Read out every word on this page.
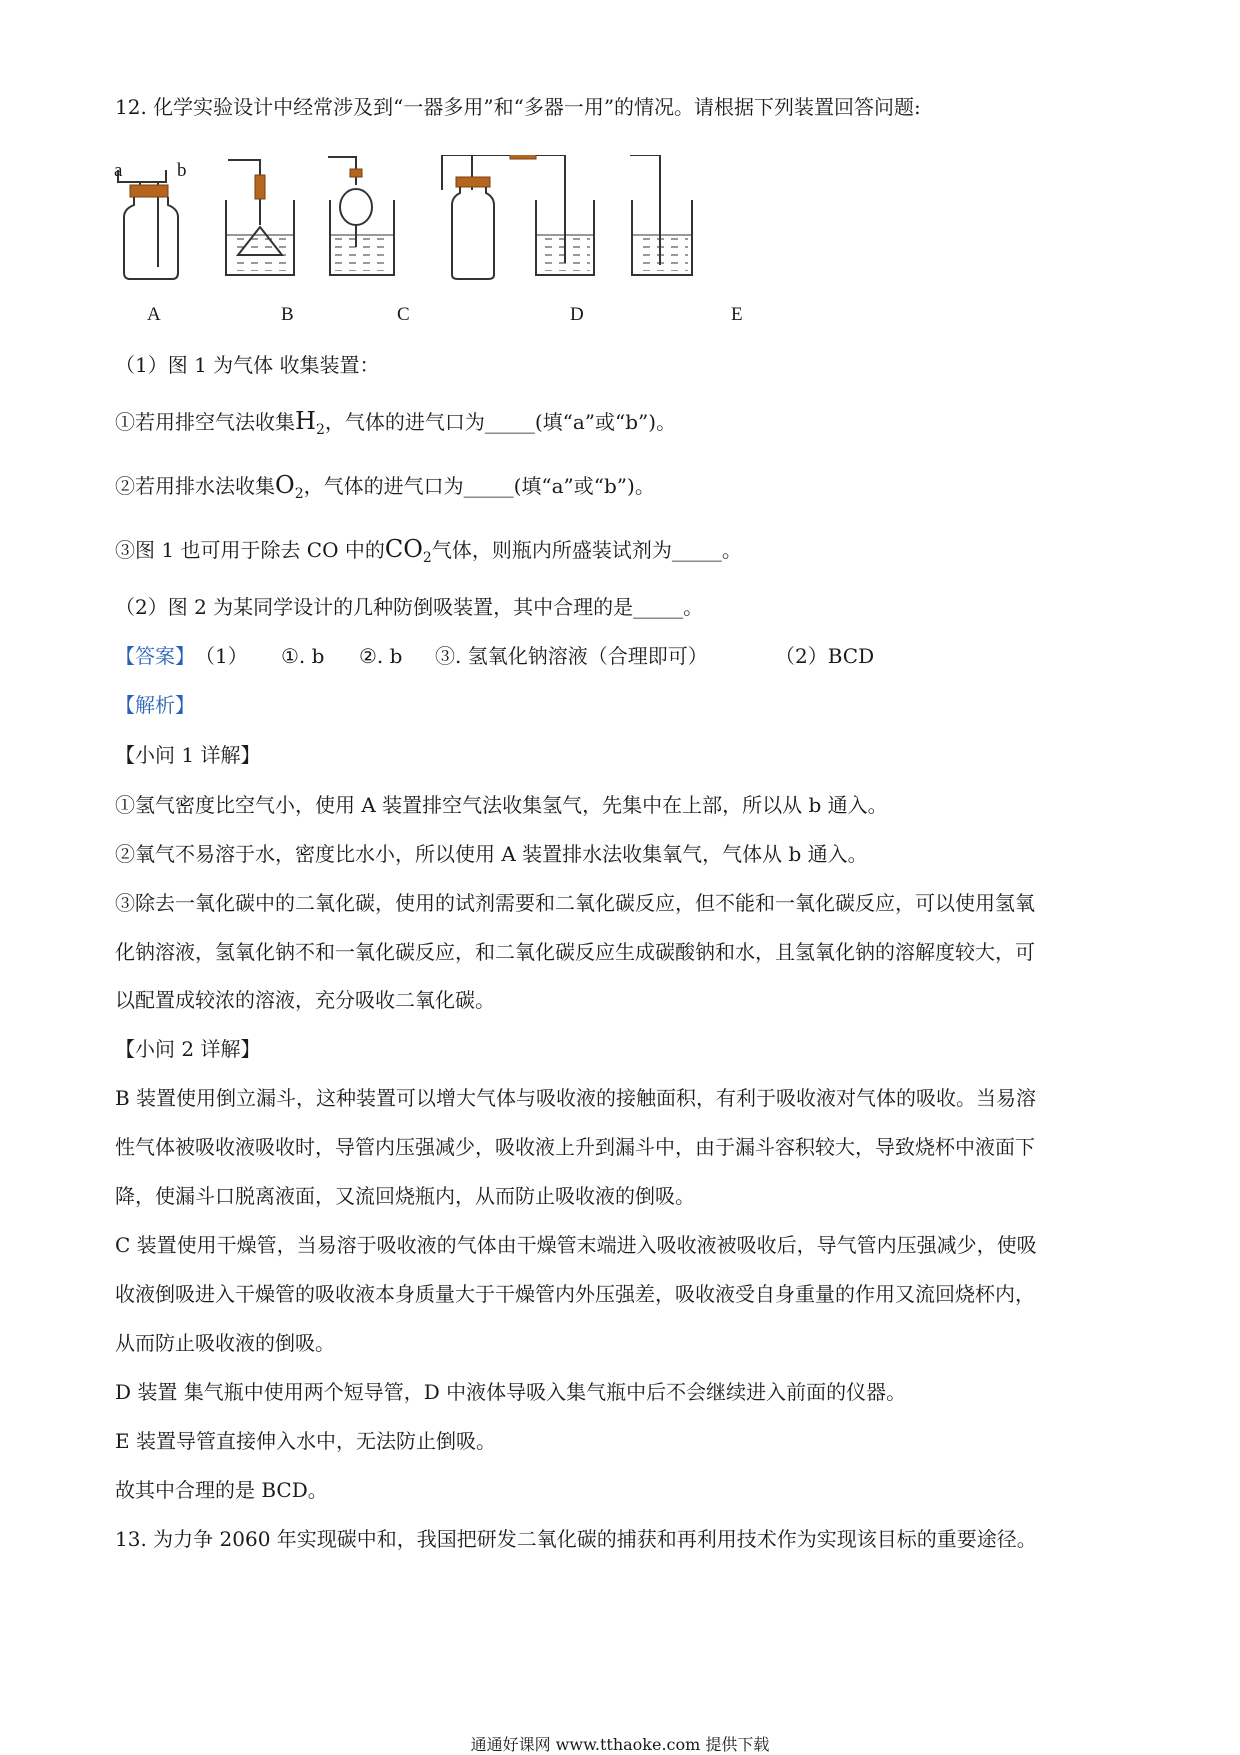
12. 化学实验设计中经常涉及到“一器多用”和“多器一用”的情况。请根据下列装置回答问题:
a	b
A	B	C	D	E
（1）图 1 为气体 收集装置：
①若用排空气法收集$H_2$，气体的进气口为_____(填“a”或“b”)。
②若用排水法收集$O_2$，气体的进气口为_____(填“a”或“b”)。
③图 1 也可用于除去 CO 中的$CO_2$气体，则瓶内所盛装试剂为_____。
（2）图 2 为某同学设计的几种防倒吸装置，其中合理的是_____。
【答案】（1） ①. b ②. b ③. 氢氧化钠溶液（合理即可）	（2）BCD
【解析】
【小问 1 详解】
①氢气密度比空气小，使用 A 装置排空气法收集氢气，先集中在上部，所以从 b 通入。
②氧气不易溶于水，密度比水小，所以使用 A 装置排水法收集氧气，气体从 b 通入。
③除去一氧化碳中的二氧化碳，使用的试剂需要和二氧化碳反应，但不能和一氧化碳反应，可以使用氢氧
化钠溶液，氢氧化钠不和一氧化碳反应，和二氧化碳反应生成碳酸钠和水，且氢氧化钠的溶解度较大，可
以配置成较浓的溶液，充分吸收二氧化碳。
【小问 2 详解】
B 装置使用倒立漏斗，这种装置可以增大气体与吸收液的接触面积，有利于吸收液对气体的吸收。当易溶
性气体被吸收液吸收时，导管内压强减少，吸收液上升到漏斗中，由于漏斗容积较大，导致烧杯中液面下
降，使漏斗口脱离液面，又流回烧瓶内，从而防止吸收液的倒吸。
C 装置使用干燥管，当易溶于吸收液的气体由干燥管末端进入吸收液被吸收后，导气管内压强减少，使吸
收液倒吸进入干燥管的吸收液本身质量大于干燥管内外压强差，吸收液受自身重量的作用又流回烧杯内，
从而防止吸收液的倒吸。
D 装置 集气瓶中使用两个短导管，D 中液体导吸入集气瓶中后不会继续进入前面的仪器。
E 装置导管直接伸入水中，无法防止倒吸。
故其中合理的是 BCD。
13. 为力争 2060 年实现碳中和，我国把研发二氧化碳的捕获和再利用技术作为实现该目标的重要途径。
通通好课网 www.tthaoke.com 提供下载
